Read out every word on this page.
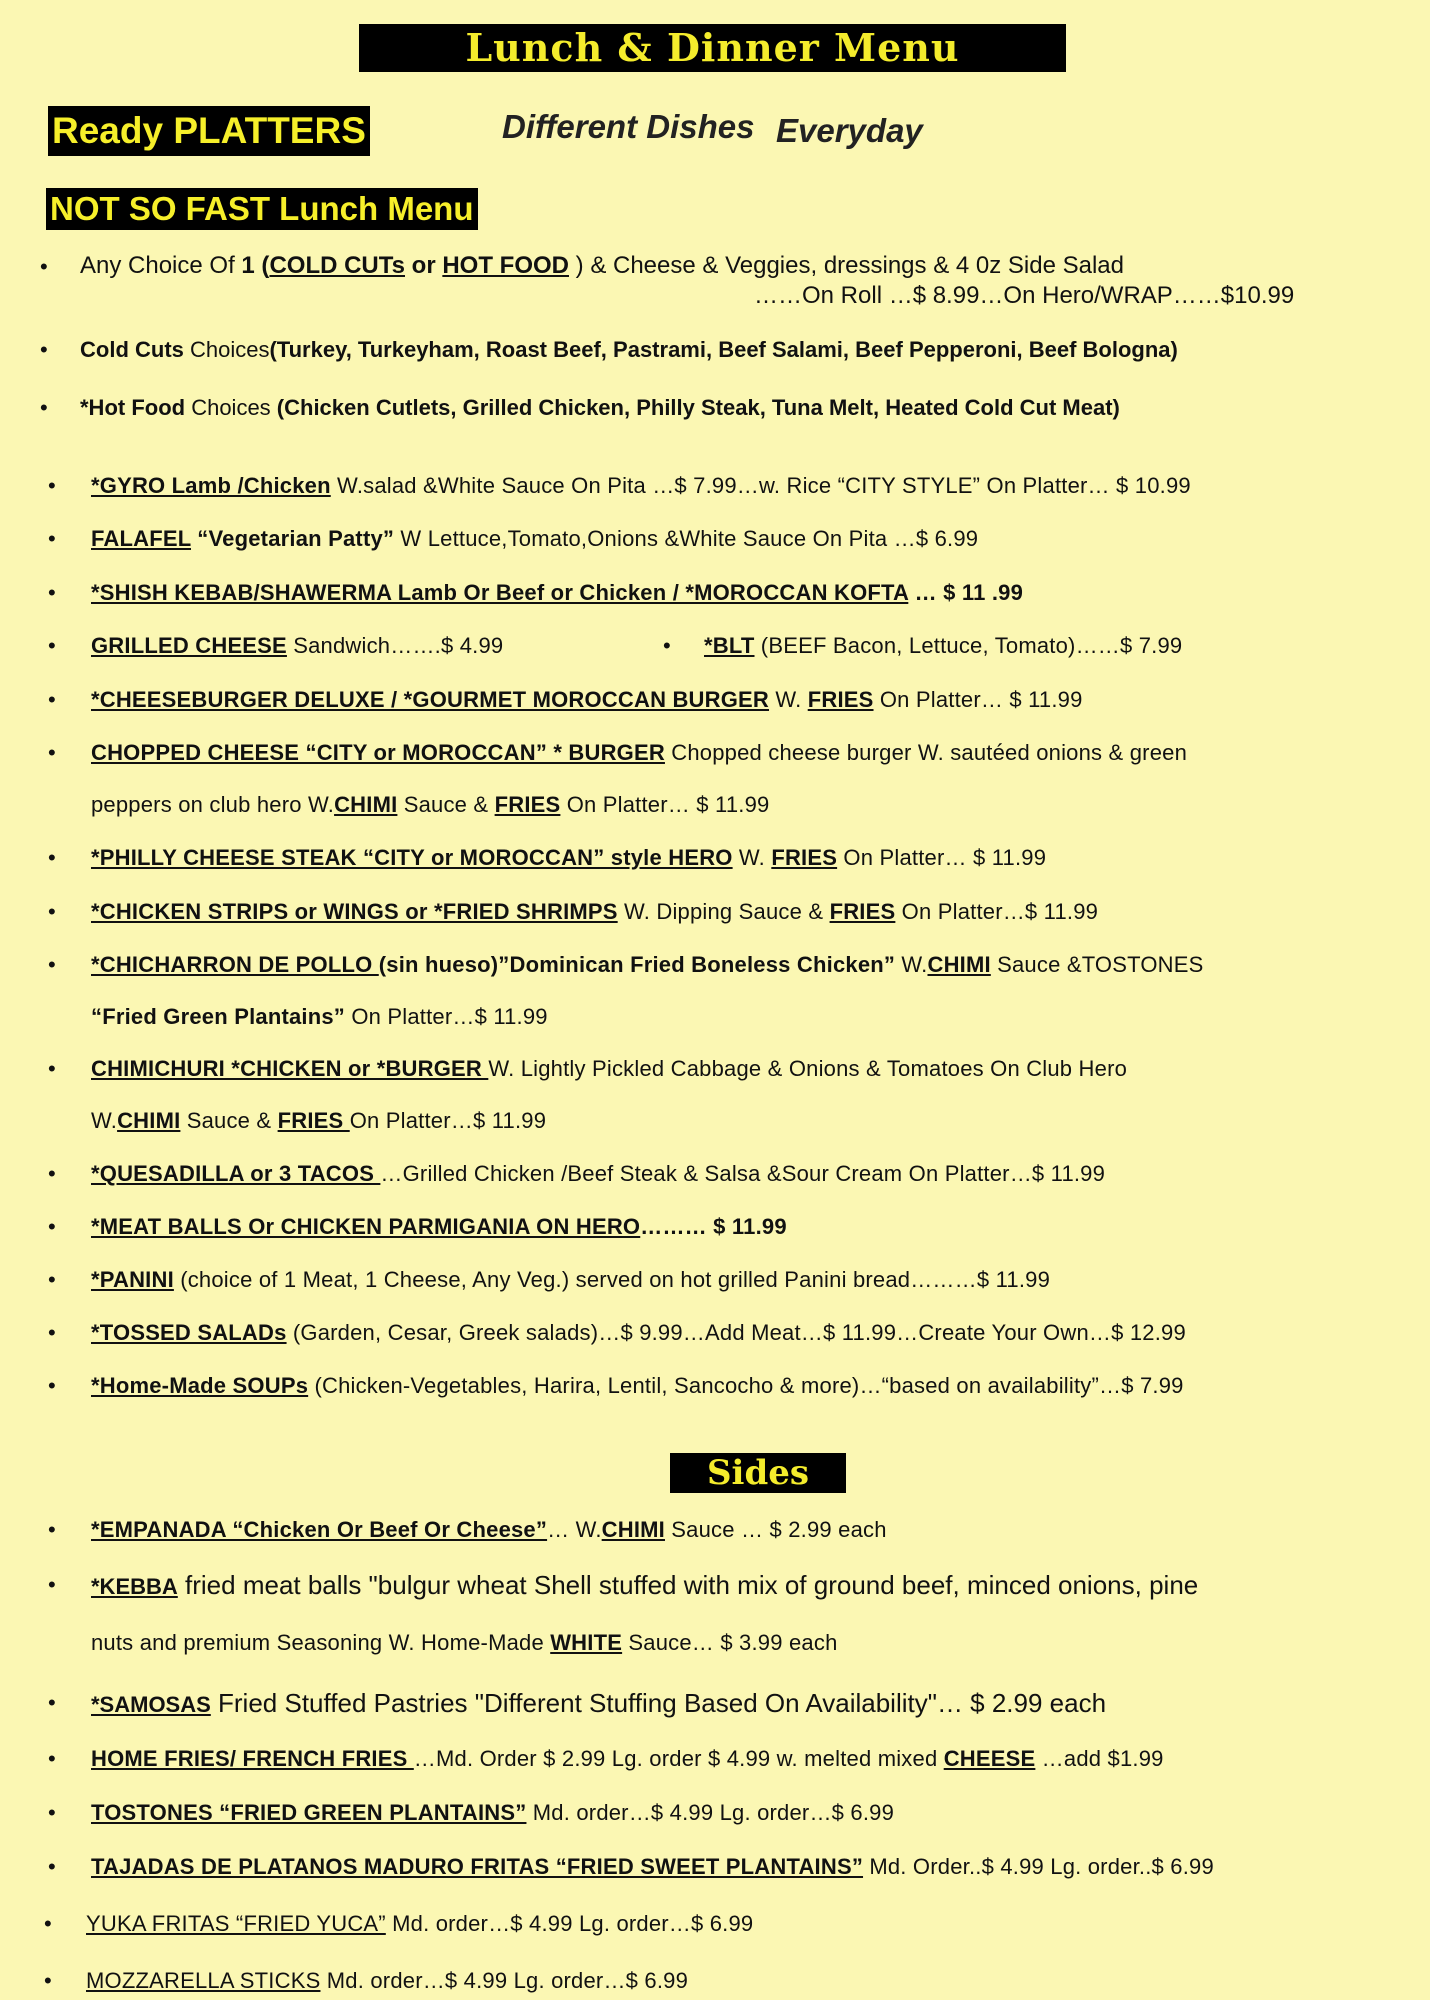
Lunch & Dinner Menu
Ready PLATTERS	Different Dishes Everyday
NOT SO FAST Lunch Menu
• Any Choice Of 1 (COLD CUTs or HOT FOOD ) & Cheese & Veggies, dressings & 4 0z Side Salad
……On Roll …$ 8.99…On Hero/WRAP……$10.99
• Cold Cuts Choices(Turkey, Turkeyham, Roast Beef, Pastrami, Beef Salami, Beef Pepperoni, Beef Bologna)
• *Hot Food Choices (Chicken Cutlets, Grilled Chicken, Philly Steak, Tuna Melt, Heated Cold Cut Meat)
• *GYRO Lamb /Chicken W.salad &White Sauce On Pita …$ 7.99…w. Rice “CITY STYLE” On Platter… $ 10.99
• FALAFEL “Vegetarian Patty” W Lettuce,Tomato,Onions &White Sauce On Pita …$ 6.99
• *SHISH KEBAB/SHAWERMA Lamb Or Beef or Chicken / *MOROCCAN KOFTA … $ 11 .99
• GRILLED CHEESE Sandwich…….$ 4.99	• *BLT (BEEF Bacon, Lettuce, Tomato)……$ 7.99
• *CHEESEBURGER DELUXE / *GOURMET MOROCCAN BURGER W. FRIES On Platter… $ 11.99
• CHOPPED CHEESE “CITY or MOROCCAN” * BURGER Chopped cheese burger W. sautéed onions & green
peppers on club hero W.CHIMI Sauce & FRIES On Platter… $ 11.99
• *PHILLY CHEESE STEAK “CITY or MOROCCAN” style HERO W. FRIES On Platter… $ 11.99
• *CHICKEN STRIPS or WINGS or *FRIED SHRIMPS W. Dipping Sauce & FRIES On Platter…$ 11.99
• *CHICHARRON DE POLLO (sin hueso)”Dominican Fried Boneless Chicken” W.CHIMI Sauce &TOSTONES
“Fried Green Plantains” On Platter…$ 11.99
• CHIMICHURI *CHICKEN or *BURGER W. Lightly Pickled Cabbage & Onions & Tomatoes On Club Hero
W.CHIMI Sauce & FRIES On Platter…$ 11.99
• *QUESADILLA or 3 TACOS …Grilled Chicken /Beef Steak & Salsa &Sour Cream On Platter…$ 11.99
• *MEAT BALLS Or CHICKEN PARMIGANIA ON HERO……… $ 11.99
• *PANINI (choice of 1 Meat, 1 Cheese, Any Veg.) served on hot grilled Panini bread………$ 11.99
• *TOSSED SALADs (Garden, Cesar, Greek salads)…$ 9.99…Add Meat…$ 11.99…Create Your Own…$ 12.99
• *Home-Made SOUPs (Chicken-Vegetables, Harira, Lentil, Sancocho & more)…“based on availability”…$ 7.99
Sides
• *EMPANADA “Chicken Or Beef Or Cheese”… W.CHIMI Sauce … $ 2.99 each
• *KEBBA fried meat balls "bulgur wheat Shell stuffed with mix of ground beef, minced onions, pine
nuts and premium Seasoning W. Home-Made WHITE Sauce… $ 3.99 each
• *SAMOSAS Fried Stuffed Pastries "Different Stuffing Based On Availability"… $ 2.99 each
• HOME FRIES/ FRENCH FRIES …Md. Order $ 2.99 Lg. order $ 4.99 w. melted mixed CHEESE …add $1.99
• TOSTONES “FRIED GREEN PLANTAINS” Md. order…$ 4.99 Lg. order…$ 6.99
• TAJADAS DE PLATANOS MADURO FRITAS “FRIED SWEET PLANTAINS” Md. Order..$ 4.99 Lg. order..$ 6.99
• YUKA FRITAS “FRIED YUCA” Md. order…$ 4.99 Lg. order…$ 6.99
• MOZZARELLA STICKS Md. order…$ 4.99 Lg. order…$ 6.99
